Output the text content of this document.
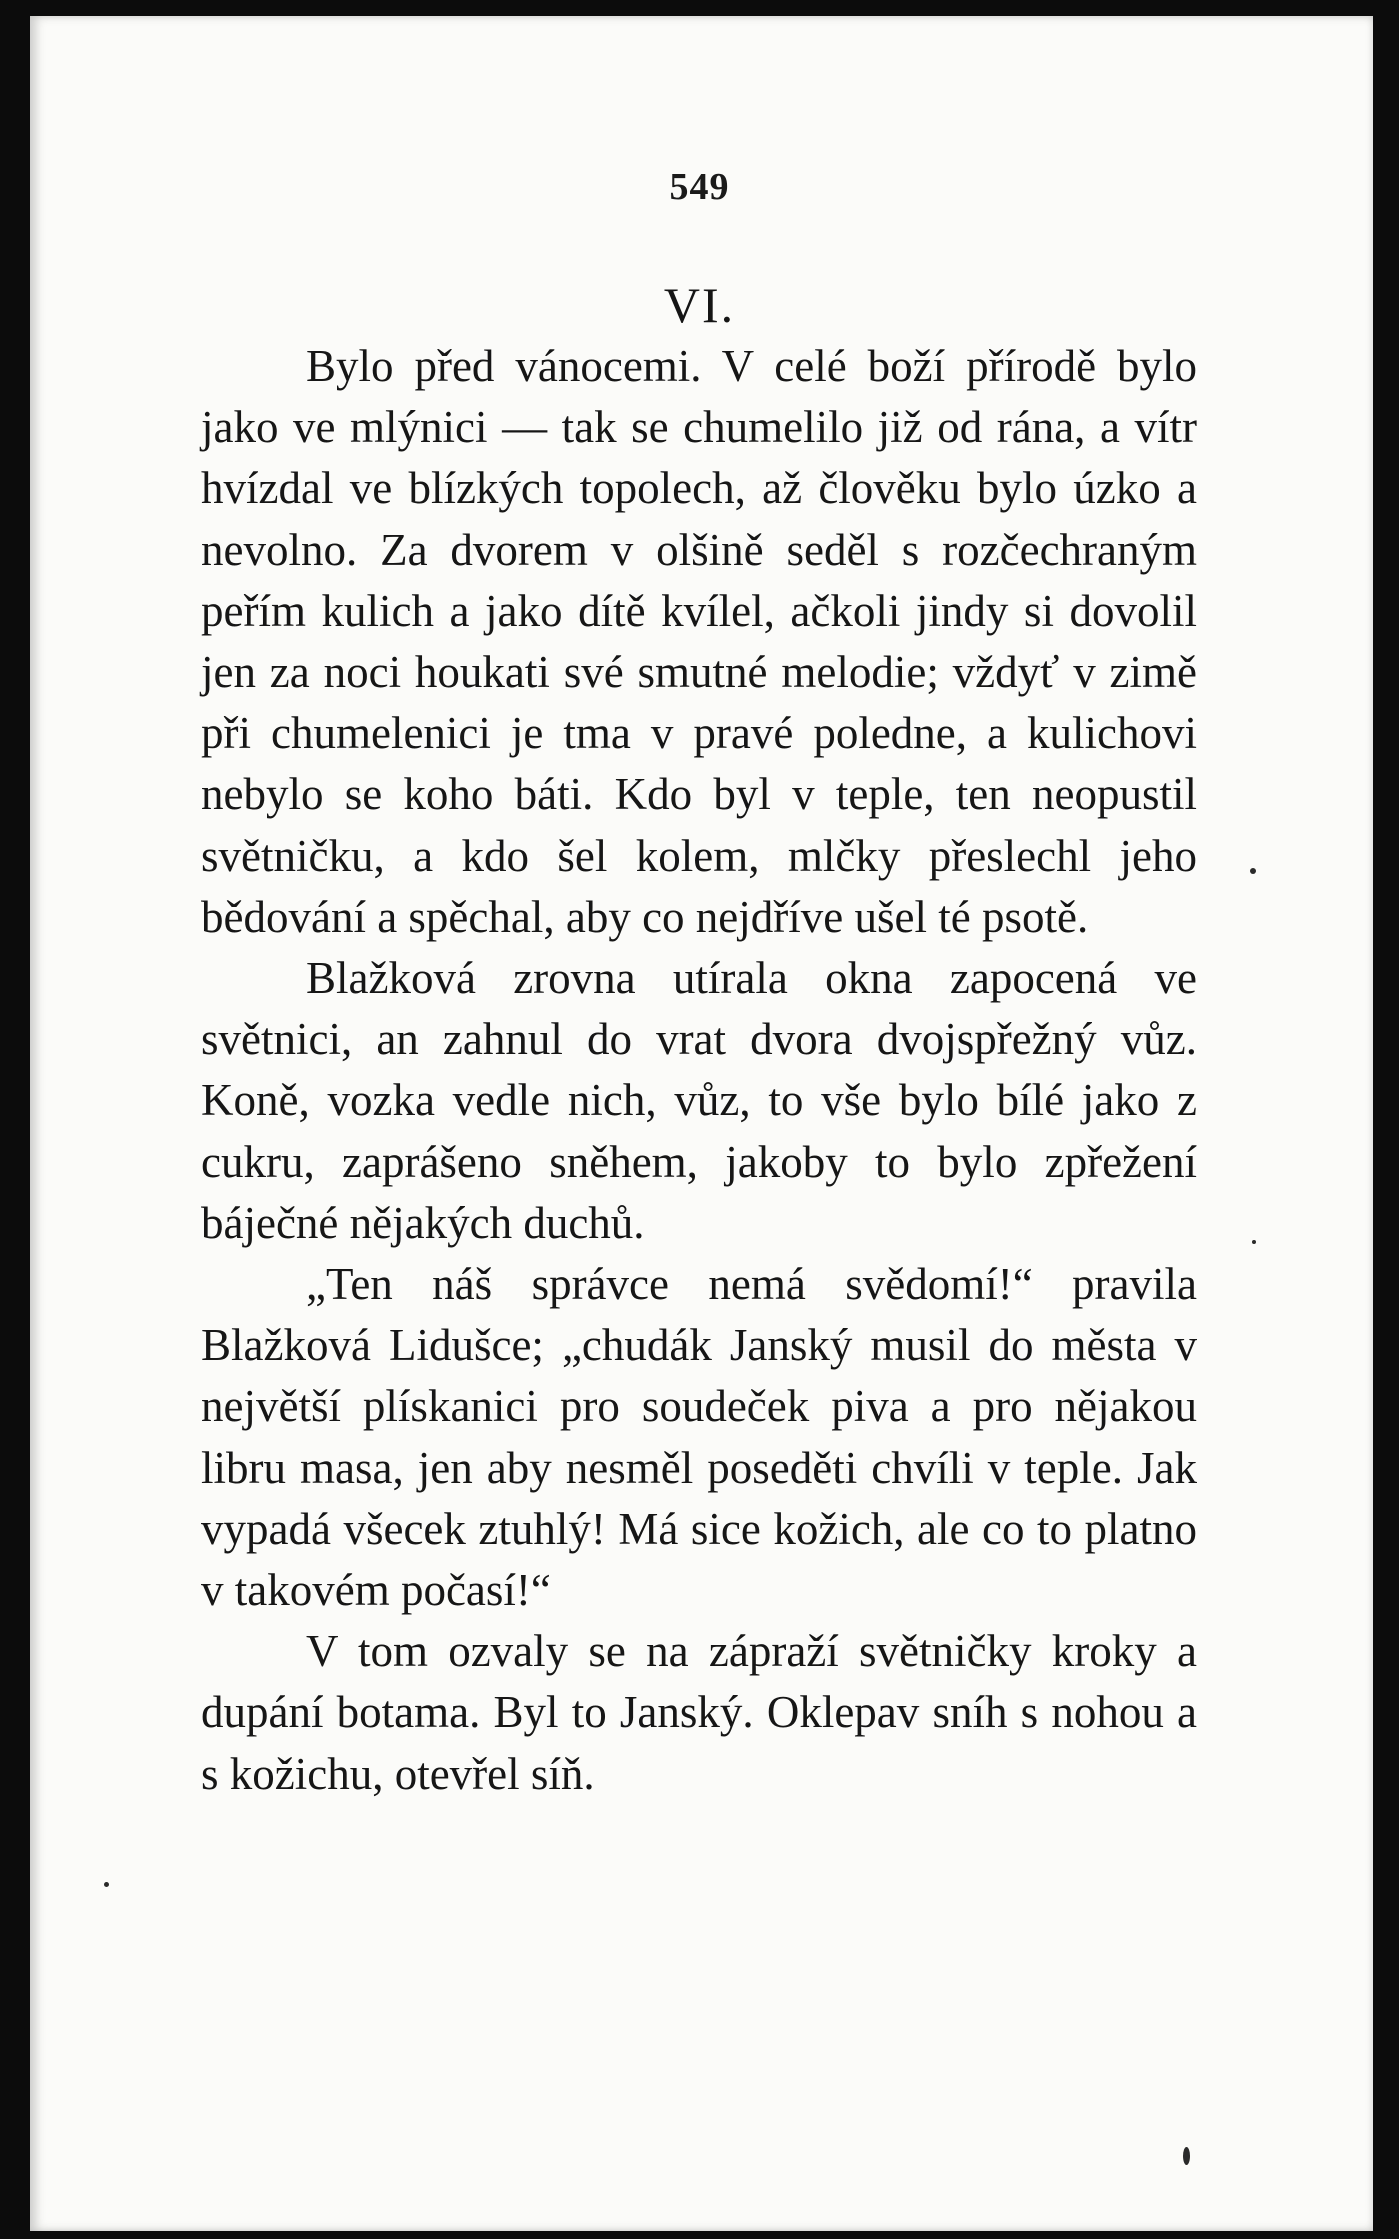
549
VI.

Bylo před vánocemi. V celé boží přírodě bylo jako ve mlýnici — tak se chumelilo již od rána, a vítr hvízdal ve blízkých topolech, až člověku bylo úzko a nevolno. Za dvorem v olšině seděl s rozčechraným peřím kulich a jako dítě kvílel, ačkoli jindy si dovolil jen za noci houkati své smutné melodie; vždyť v zimě při chumelenici je tma v pravé poledne, a kulichovi nebylo se koho báti. Kdo byl v teple, ten neopustil světničku, a kdo šel kolem, mlčky přeslechl jeho bědování a spěchal, aby co nejdříve ušel té psotě.

Blažková zrovna utírala okna zapocená ve světnici, an zahnul do vrat dvora dvojspřežný vůz. Koně, vozka vedle nich, vůz, to vše bylo bílé jako z cukru, zaprášeno sněhem, jakoby to bylo zpřežení báječné nějakých duchů.

„Ten náš správce nemá svědomí!“ pravila Blažková Lidušce; „chudák Janský musil do města v největší plískanici pro soudeček piva a pro nějakou libru masa, jen aby nesměl poseděti chvíli v teple. Jak vypadá všecek ztuhlý! Má sice kožich, ale co to platno v takovém počasí!“

V tom ozvaly se na zápraží světničky kroky a dupání botama. Byl to Janský. Oklepav sníh s nohou a s kožichu, otevřel síň.
